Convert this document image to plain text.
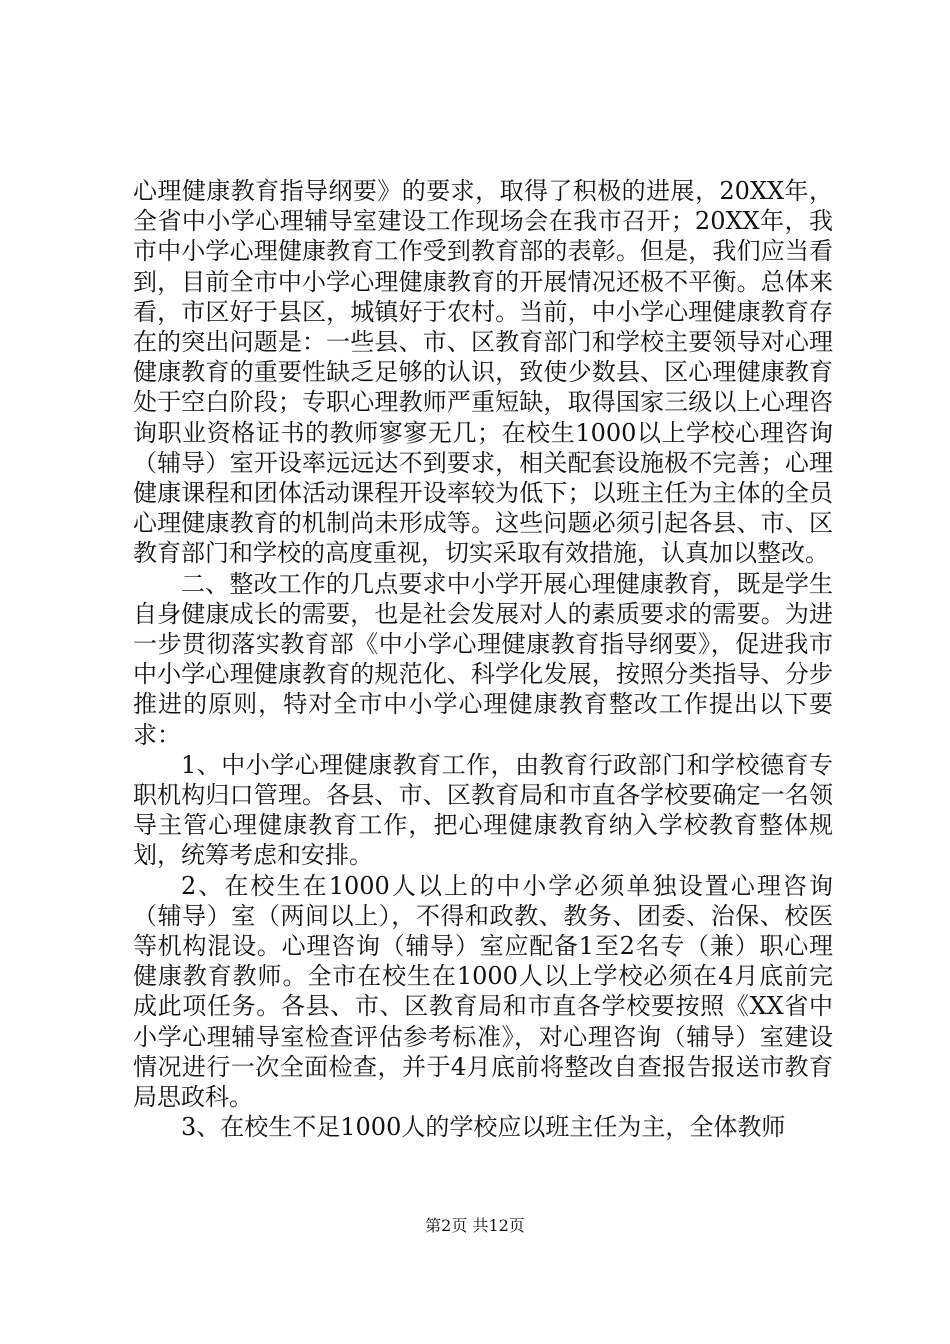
心理健康教育指导纲要》的要求，取得了积极的进展，20XX年，全省中小学心理辅导室建设工作现场会在我市召开；20XX年，我市中小学心理健康教育工作受到教育部的表彰。但是，我们应当看到，目前全市中小学心理健康教育的开展情况还极不平衡。总体来看，市区好于县区，城镇好于农村。当前，中小学心理健康教育存在的突出问题是：一些县、市、区教育部门和学校主要领导对心理健康教育的重要性缺乏足够的认识，致使少数县、区心理健康教育处于空白阶段；专职心理教师严重短缺，取得国家三级以上心理咨询职业资格证书的教师寥寥无几；在校生1000以上学校心理咨询（辅导）室开设率远远达不到要求，相关配套设施极不完善；心理健康课程和团体活动课程开设率较为低下；以班主任为主体的全员心理健康教育的机制尚未形成等。这些问题必须引起各县、市、区教育部门和学校的高度重视，切实采取有效措施，认真加以整改。

二、整改工作的几点要求中小学开展心理健康教育，既是学生自身健康成长的需要，也是社会发展对人的素质要求的需要。为进一步贯彻落实教育部《中小学心理健康教育指导纲要》，促进我市中小学心理健康教育的规范化、科学化发展，按照分类指导、分步推进的原则，特对全市中小学心理健康教育整改工作提出以下要求：

1、中小学心理健康教育工作，由教育行政部门和学校德育专职机构归口管理。各县、市、区教育局和市直各学校要确定一名领导主管心理健康教育工作，把心理健康教育纳入学校教育整体规划，统筹考虑和安排。

2、在校生在1000人以上的中小学必须单独设置心理咨询（辅导）室（两间以上），不得和政教、教务、团委、治保、校医等机构混设。心理咨询（辅导）室应配备1至2名专（兼）职心理健康教育教师。全市在校生在1000人以上学校必须在4月底前完成此项任务。各县、市、区教育局和市直各学校要按照《XX省中小学心理辅导室检查评估参考标准》，对心理咨询（辅导）室建设情况进行一次全面检查，并于4月底前将整改自查报告报送市教育局思政科。

3、在校生不足1000人的学校应以班主任为主，全体教师

第2页 共12页
